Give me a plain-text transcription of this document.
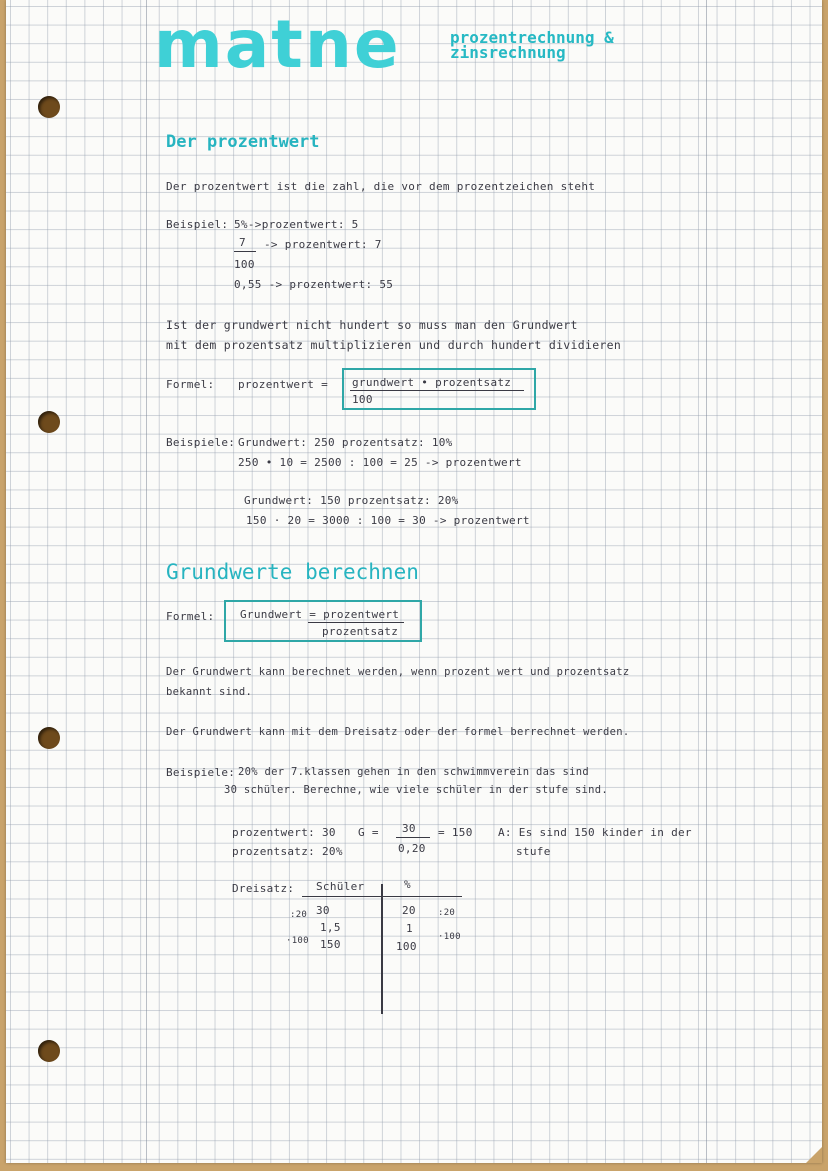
matne	prozentrechnung &
zinsrechnung
Der prozentwert
Der prozentwert ist die zahl, die vor dem prozentzeichen steht
Beispiel: 5%->prozentwert: 5
7 -> prozentwert: 7
100
0,55 -> prozentwert: 55
Ist der grundwert nicht hundert so muss man den Grundwert
mit dem prozentsatz multiplizieren und durch hundert dividieren
Formel: prozentwert = grundwert • prozentsatz
100
Beispiele: Grundwert: 250 prozentsatz: 10%
250 • 10 = 2500 : 100 = 25 -> prozentwert
Grundwert: 150 prozentsatz: 20%
150 · 20 = 3000 : 100 = 30 -> prozentwert
Grundwerte berechnen
Formel: Grundwert = prozentwert
prozentsatz
Der Grundwert kann berechnet werden, wenn prozent wert und prozentsatz
bekannt sind.
Der Grundwert kann mit dem Dreisatz oder der formel berrechnet werden.
Beispiele: 20% der 7.klassen gehen in den schwimmverein das sind
30 schüler. Berechne, wie viele schüler in der stufe sind.
prozentwert: 30
prozentsatz: 20%
G = 30
0,20
= 150 A: Es sind 150 kinder in der
stufe
Dreisatz: Schüler	%
30
1,5
150
:20
·100
20
1
100
:20
·100
